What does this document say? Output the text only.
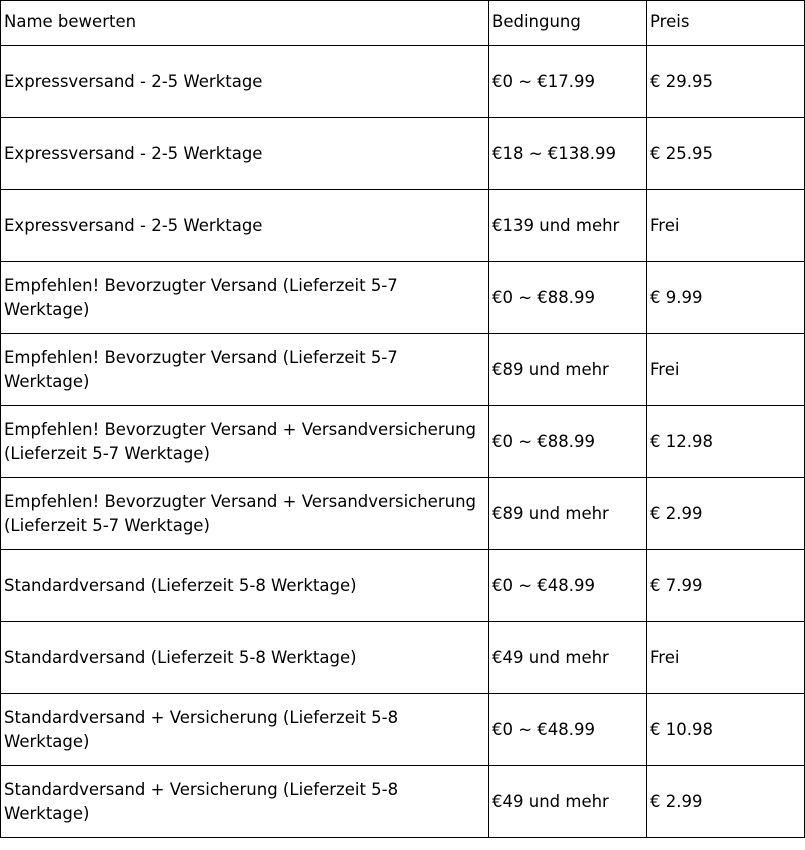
Name bewerten	Bedingung	Preis
Expressversand - 2-5 Werktage	€0 ~ €17.99	€ 29.95
Expressversand - 2-5 Werktage	€18 ~ €138.99	€ 25.95
Expressversand - 2-5 Werktage	€139 und mehr	Frei
Empfehlen! Bevorzugter Versand (Lieferzeit 5-7 Werktage)	€0 ~ €88.99	€ 9.99
Empfehlen! Bevorzugter Versand (Lieferzeit 5-7 Werktage)	€89 und mehr	Frei
Empfehlen! Bevorzugter Versand + Versandversicherung (Lieferzeit 5-7 Werktage)	€0 ~ €88.99	€ 12.98
Empfehlen! Bevorzugter Versand + Versandversicherung (Lieferzeit 5-7 Werktage)	€89 und mehr	€ 2.99
Standardversand (Lieferzeit 5-8 Werktage)	€0 ~ €48.99	€ 7.99
Standardversand (Lieferzeit 5-8 Werktage)	€49 und mehr	Frei
Standardversand + Versicherung (Lieferzeit 5-8 Werktage)	€0 ~ €48.99	€ 10.98
Standardversand + Versicherung (Lieferzeit 5-8 Werktage)	€49 und mehr	€ 2.99
